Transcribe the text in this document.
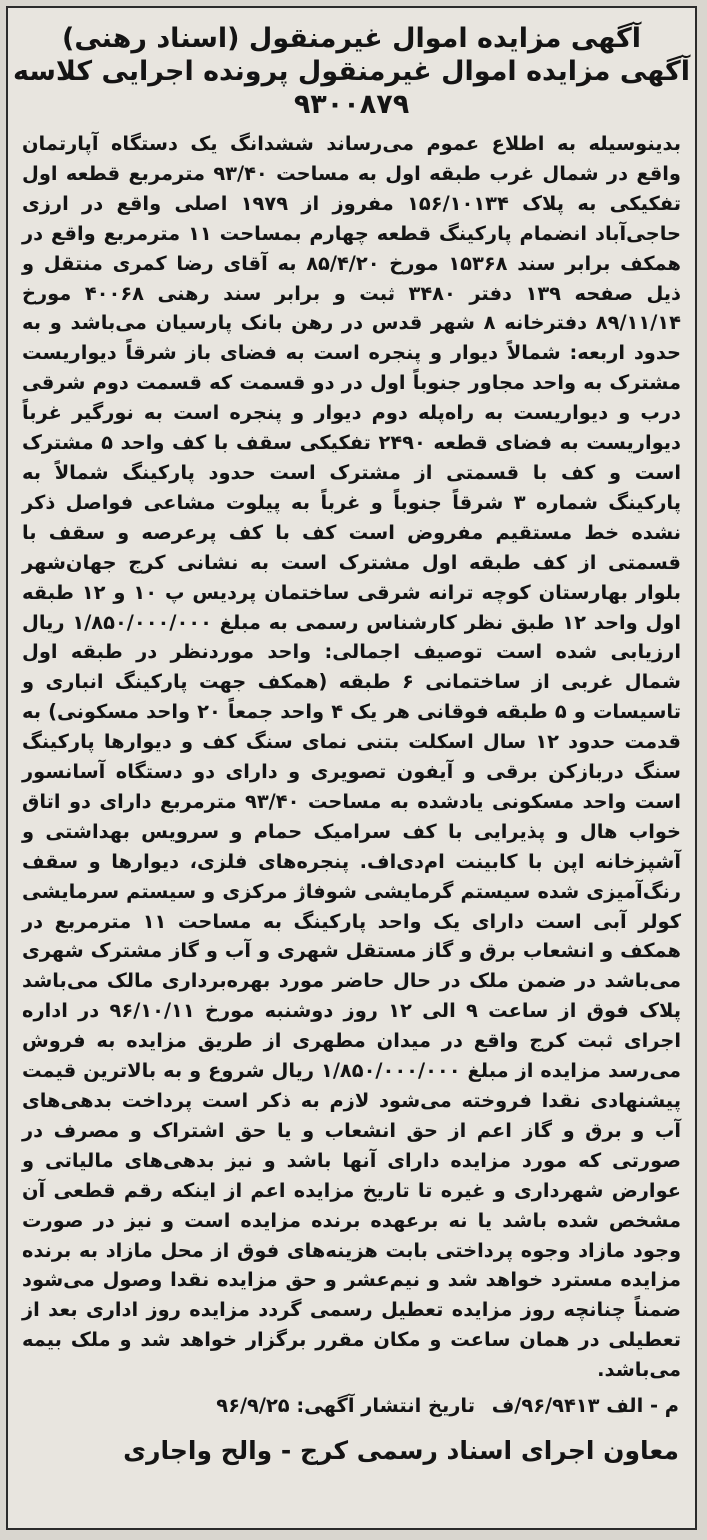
آگهی مزایده اموال غیرمنقول (اسناد رهنی)
آگهی مزایده اموال غیرمنقول پرونده اجرایی کلاسه ۹۳۰۰۸۷۹

بدینوسیله به اطلاع عموم می‌رساند ششدانگ یک دستگاه آپارتمان واقع در شمال غرب طبقه اول به مساحت ۹۳/۴۰ مترمربع قطعه اول تفکیکی به پلاک ۱۵۶/۱۰۱۳۴ مفروز از ۱۹۷۹ اصلی واقع در ارزی حاجی‌آباد انضمام پارکینگ قطعه چهارم بمساحت ۱۱ مترمربع واقع در همکف برابر سند ۱۵۳۶۸ مورخ ۸۵/۴/۲۰ به آقای رضا کمری منتقل و ذیل صفحه ۱۳۹ دفتر ۳۴۸۰ ثبت و برابر سند رهنی ۴۰۰۶۸ مورخ ۸۹/۱۱/۱۴ دفترخانه ۸ شهر قدس در رهن بانک پارسیان می‌باشد و به حدود اربعه: شمالاً دیوار و پنجره است به فضای باز شرقاً دیواریست مشترک به واحد مجاور جنوباً اول در دو قسمت که قسمت دوم شرقی درب و دیواریست به راه‌پله دوم دیوار و پنجره است به نورگیر غرباً دیواریست به فضای قطعه ۲۴۹۰ تفکیکی سقف با کف واحد ۵ مشترک است و کف با قسمتی از مشترک است حدود پارکینگ شمالاً به پارکینگ شماره ۳ شرقاً جنوباً و غرباً به پیلوت مشاعی فواصل ذکر نشده خط مستقیم مفروض است کف با کف پرعرصه و سقف با قسمتی از کف طبقه اول مشترک است به نشانی کرج جهان‌شهر بلوار بهارستان کوچه ترانه شرقی ساختمان پردیس پ ۱۰ و ۱۲ طبقه اول واحد ۱۲ طبق نظر کارشناس رسمی به مبلغ ۱/۸۵۰/۰۰۰/۰۰۰ ریال ارزیابی شده است توصیف اجمالی: واحد موردنظر در طبقه اول شمال غربی از ساختمانی ۶ طبقه (همکف جهت پارکینگ انباری و تاسیسات و ۵ طبقه فوقانی هر یک ۴ واحد جمعاً ۲۰ واحد مسکونی) به قدمت حدود ۱۲ سال اسکلت بتنی نمای سنگ کف و دیوارها پارکینگ سنگ دربازکن برقی و آیفون تصویری و دارای دو دستگاه آسانسور است واحد مسکونی یادشده به مساحت ۹۳/۴۰ مترمربع دارای دو اتاق خواب هال و پذیرایی با کف سرامیک حمام و سرویس بهداشتی و آشپزخانه اپن با کابینت ام‌دی‌اف. پنجره‌های فلزی، دیوارها و سقف رنگ‌آمیزی شده سیستم گرمایشی شوفاژ مرکزی و سیستم سرمایشی کولر آبی است دارای یک واحد پارکینگ به مساحت ۱۱ مترمربع در همکف و انشعاب برق و گاز مستقل شهری و آب و گاز مشترک شهری می‌باشد در ضمن ملک در حال حاضر مورد بهره‌برداری مالک می‌باشد پلاک فوق از ساعت ۹ الی ۱۲ روز دوشنبه مورخ ۹۶/۱۰/۱۱ در اداره اجرای ثبت کرج واقع در میدان مطهری از طریق مزایده به فروش می‌رسد مزایده از مبلغ ۱/۸۵۰/۰۰۰/۰۰۰ ریال شروع و به بالاترین قیمت پیشنهادی نقدا فروخته می‌شود لازم به ذکر است پرداخت بدهی‌های آب و برق و گاز اعم از حق انشعاب و یا حق اشتراک و مصرف در صورتی که مورد مزایده دارای آنها باشد و نیز بدهی‌های مالیاتی و عوارض شهرداری و غیره تا تاریخ مزایده اعم از اینکه رقم قطعی آن مشخص شده باشد یا نه برعهده برنده مزایده است و نیز در صورت وجود مازاد وجوه پرداختی بابت هزینه‌های فوق از محل مازاد به برنده مزایده مسترد خواهد شد و نیم‌عشر و حق مزایده نقدا وصول می‌شود ضمناً چنانچه روز مزایده تعطیل رسمی گردد مزایده روز اداری بعد از تعطیلی در همان ساعت و مکان مقرر برگزار خواهد شد و ملک بیمه می‌باشد.

م - الف ۹۶/۹۴۱۳/ف تاریخ انتشار آگهی: ۹۶/۹/۲۵
معاون اجرای اسناد رسمی کرج - والح واجاری
